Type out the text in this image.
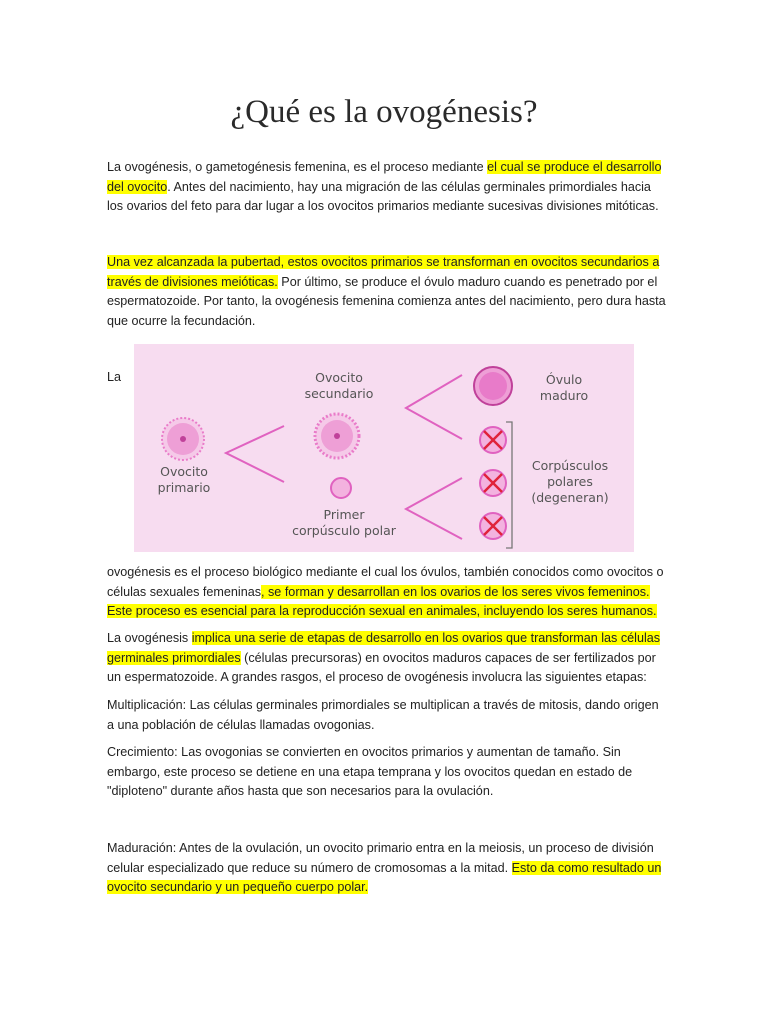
¿Qué es la ovogénesis?
La ovogénesis, o gametogénesis femenina, es el proceso mediante el cual se produce el desarrollo del ovocito. Antes del nacimiento, hay una migración de las células germinales primordiales hacia los ovarios del feto para dar lugar a los ovocitos primarios mediante sucesivas divisiones mitóticas.
Una vez alcanzada la pubertad, estos ovocitos primarios se transforman en ovocitos secundarios a través de divisiones meióticas. Por último, se produce el óvulo maduro cuando es penetrado por el espermatozoide. Por tanto, la ovogénesis femenina comienza antes del nacimiento, pero dura hasta que ocurre la fecundación.
La
Ovocito
primario
Ovocito
secundario
Primer
corpúsculo polar
Óvulo
maduro
Corpúsculos
polares
(degeneran)
ovogénesis es el proceso biológico mediante el cual los óvulos, también conocidos como ovocitos o células sexuales femeninas, se forman y desarrollan en los ovarios de los seres vivos femeninos. Este proceso es esencial para la reproducción sexual en animales, incluyendo los seres humanos.
La ovogénesis implica una serie de etapas de desarrollo en los ovarios que transforman las células germinales primordiales (células precursoras) en ovocitos maduros capaces de ser fertilizados por un espermatozoide. A grandes rasgos, el proceso de ovogénesis involucra las siguientes etapas:
Multiplicación: Las células germinales primordiales se multiplican a través de mitosis, dando origen a una población de células llamadas ovogonias.
Crecimiento: Las ovogonias se convierten en ovocitos primarios y aumentan de tamaño. Sin embargo, este proceso se detiene en una etapa temprana y los ovocitos quedan en estado de "diploteno" durante años hasta que son necesarios para la ovulación.
Maduración: Antes de la ovulación, un ovocito primario entra en la meiosis, un proceso de división celular especializado que reduce su número de cromosomas a la mitad. Esto da como resultado un ovocito secundario y un pequeño cuerpo polar.
